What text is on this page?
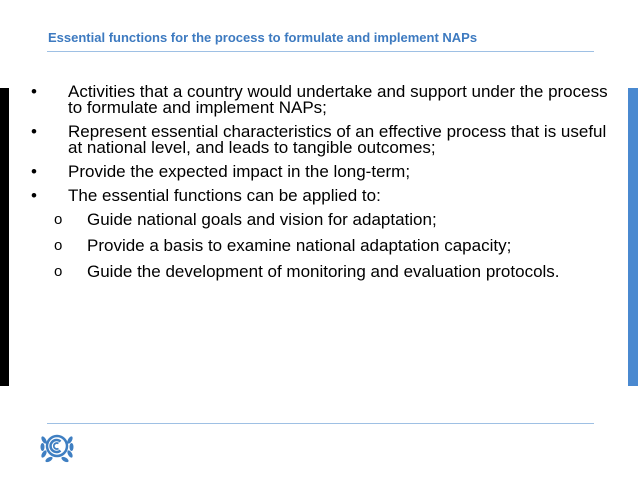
Essential functions for the process to formulate and implement NAPs
• Activities that a country would undertake and support under the process to formulate and implement NAPs;
• Represent essential characteristics of an effective process that is useful at national level, and leads to tangible outcomes;
• Provide the expected impact in the long-term;
• The essential functions can be applied to:
o Guide national goals and vision for adaptation;
o Provide a basis to examine national adaptation capacity;
o Guide the development of monitoring and evaluation protocols.
